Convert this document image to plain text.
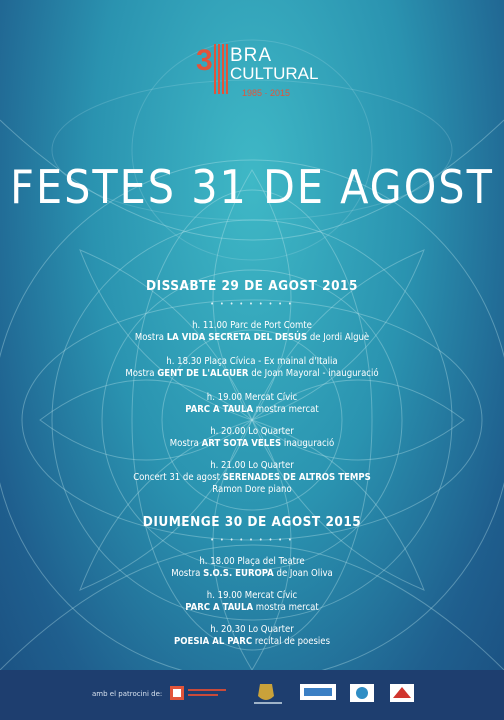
3 BRA
CULTURAL
1985 · 2015
FESTES 31 DE AGOST
DISSABTE 29 DE AGOST 2015
• • • • • • • • •
h. 11.00 Parc de Port Comte
Mostra LA VIDA SECRETA DEL DESÚS de Jordi Alguè
h. 18.30 Plaça Cívica - Ex mainal d'Italia
Mostra GENT DE L'ALGUER de Joan Mayoral - inauguració
h. 19.00 Mercat Cívic
PARC A TAULA mostra mercat
h. 20.00 Lo Quarter
Mostra ART SOTA VELES inauguració
h. 21.00 Lo Quarter
Concert 31 de agost SERENADES DE ALTROS TEMPS
Ramon Dore piano
DIUMENGE 30 DE AGOST 2015
• • • • • • • • •
h. 18.00 Plaça del Teatre
Mostra S.O.S. EUROPA de Joan Oliva
h. 19.00 Mercat Cívic
PARC A TAULA mostra mercat
h. 20.30 Lo Quarter
POESIA AL PARC recital de poesies
amb el patrocini de:
